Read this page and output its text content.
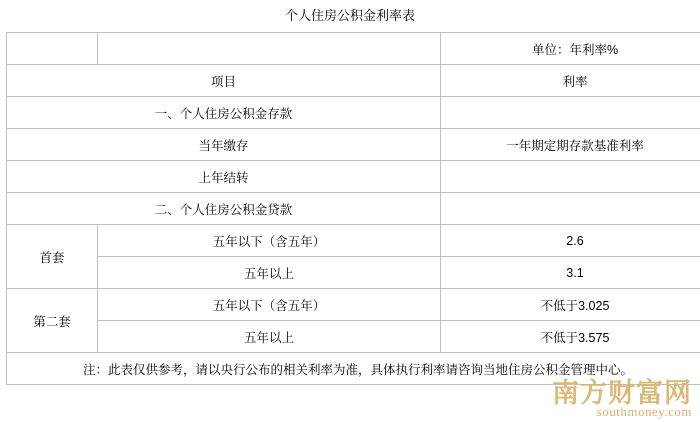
个人住房公积金利率表
		单位：年利率%
项目		利率
一、个人住房公积金存款		
当年缴存		一年期定期存款基准利率
上年结转		
二、个人住房公积金贷款		
首套	五年以下（含五年）	2.6
	五年以上	3.1
第二套	五年以下（含五年）	不低于3.025
	五年以上	不低于3.575
注：此表仅供参考，请以央行公布的相关利率为准，具体执行利率请咨询当地住房公积金管理中心。		
南方财富网
southmoney.com
